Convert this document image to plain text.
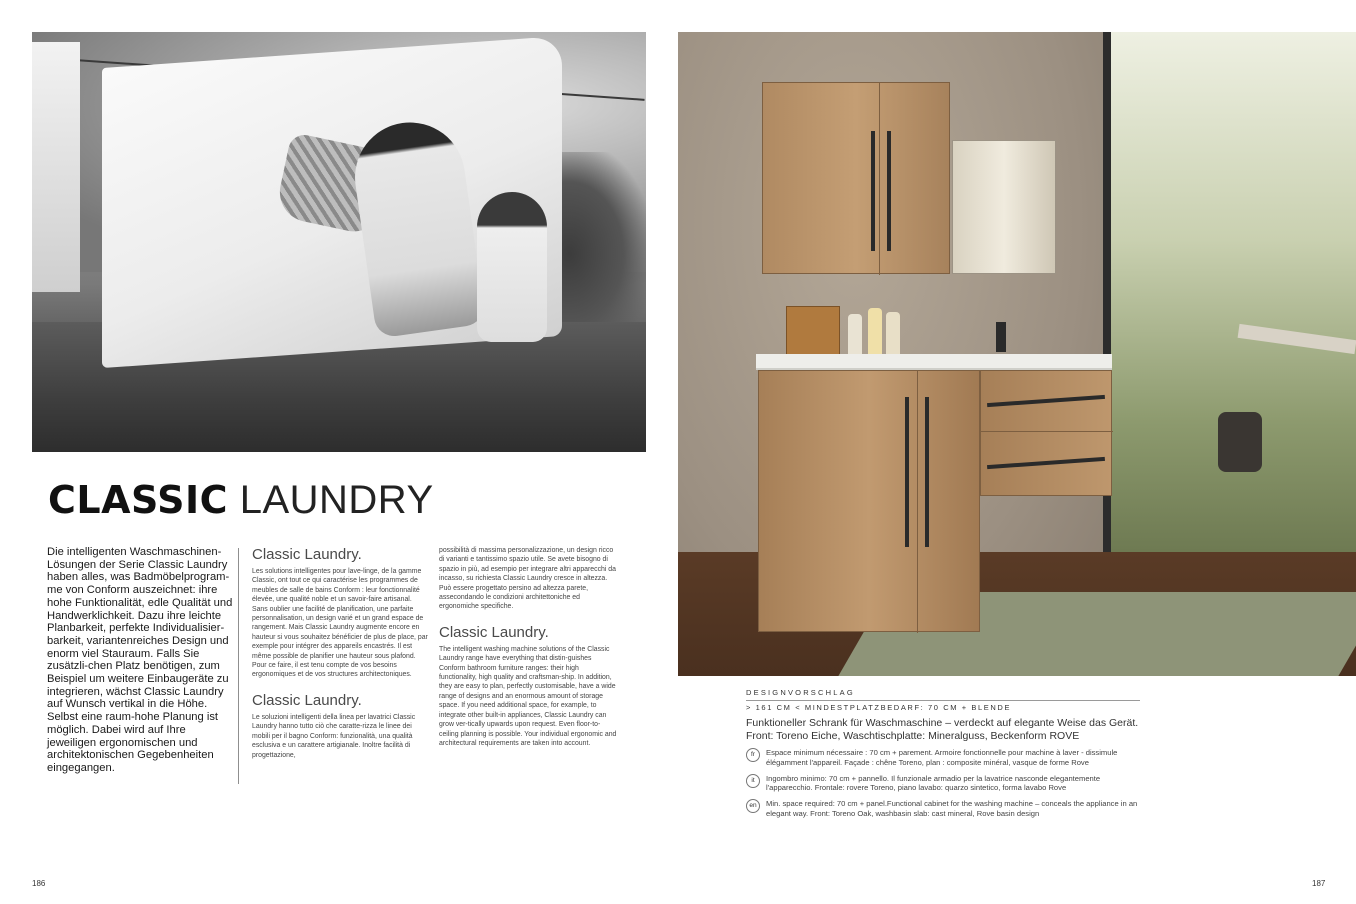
CLASSIC LAUNDRY
Die intelligenten Waschmaschinen-Lösungen der Serie Classic Laundry haben alles, was Badmöbelprogram-me von Conform auszeichnet: ihre hohe Funktionalität, edle Qualität und Handwerklichkeit. Dazu ihre leichte Planbarkeit, perfekte Individualisier-barkeit, variantenreiches Design und enorm viel Stauraum. Falls Sie zusätzli-chen Platz benötigen, zum Beispiel um weitere Einbaugeräte zu integrieren, wächst Classic Laundry auf Wunsch vertikal in die Höhe. Selbst eine raum-hohe Planung ist möglich. Dabei wird auf Ihre jeweiligen ergonomischen und architektonischen Gegebenheiten eingegangen.
Classic Laundry.
Les solutions intelligentes pour lave-linge, de la gamme Classic, ont tout ce qui caractérise les programmes de meubles de salle de bains Conform : leur fonctionnalité élevée, une qualité noble et un savoir-faire artisanal. Sans oublier une facilité de planification, une parfaite personnalisation, un design varié et un grand espace de rangement. Mais Classic Laundry augmente encore en hauteur si vous souhaitez bénéficier de plus de place, par exemple pour intégrer des appareils encastrés. Il est même possible de planifier une hauteur sous plafond. Pour ce faire, il est tenu compte de vos besoins ergonomiques et de vos structures architectoniques.
Classic Laundry.
Le soluzioni intelligenti della linea per lavatrici Classic Laundry hanno tutto ciò che caratte-rizza le linee dei mobili per il bagno Conform: funzionalità, una qualità esclusiva e un carattere artigianale. Inoltre facilità di progettazione,
possibilità di massima personalizzazione, un design ricco di varianti e tantissimo spazio utile. Se avete bisogno di spazio in più, ad esempio per integrare altri apparecchi da incasso, su richiesta Classic Laundry cresce in altezza. Può essere progettato persino ad altezza parete, assecondando le condizioni architettoniche ed ergonomiche specifiche.
Classic Laundry.
The intelligent washing machine solutions of the Classic Laundry range have everything that distin-guishes Conform bathroom furniture ranges: their high functionality, high quality and craftsman-ship. In addition, they are easy to plan, perfectly customisable, have a wide range of designs and an enormous amount of storage space. If you need additional space, for example, to integrate other built-in appliances, Classic Laundry can grow ver-tically upwards upon request. Even floor-to-ceiling planning is possible. Your individual ergonomic and architectural requirements are taken into account.
DESIGNVORSCHLAG
> 161 CM < MINDESTPLATZBEDARF: 70 CM + BLENDE
Funktioneller Schrank für Waschmaschine – verdeckt auf elegante Weise das Gerät. Front: Toreno Eiche, Waschtischplatte: Mineralguss, Beckenform ROVE
fr	Espace minimum nécessaire : 70 cm + parement. Armoire fonctionnelle pour machine à laver - dissimule élégamment l'appareil. Façade : chêne Toreno, plan : composite minéral, vasque de forme Rove
it	Ingombro minimo: 70 cm + pannello. Il funzionale armadio per la lavatrice nasconde elegantemente l'apparecchio. Frontale: rovere Toreno, piano lavabo: quarzo sintetico, forma lavabo Rove
en	Min. space required: 70 cm + panel.Functional cabinet for the washing machine – conceals the appliance in an elegant way. Front: Toreno Oak, washbasin slab: cast mineral, Rove basin design
186	187
